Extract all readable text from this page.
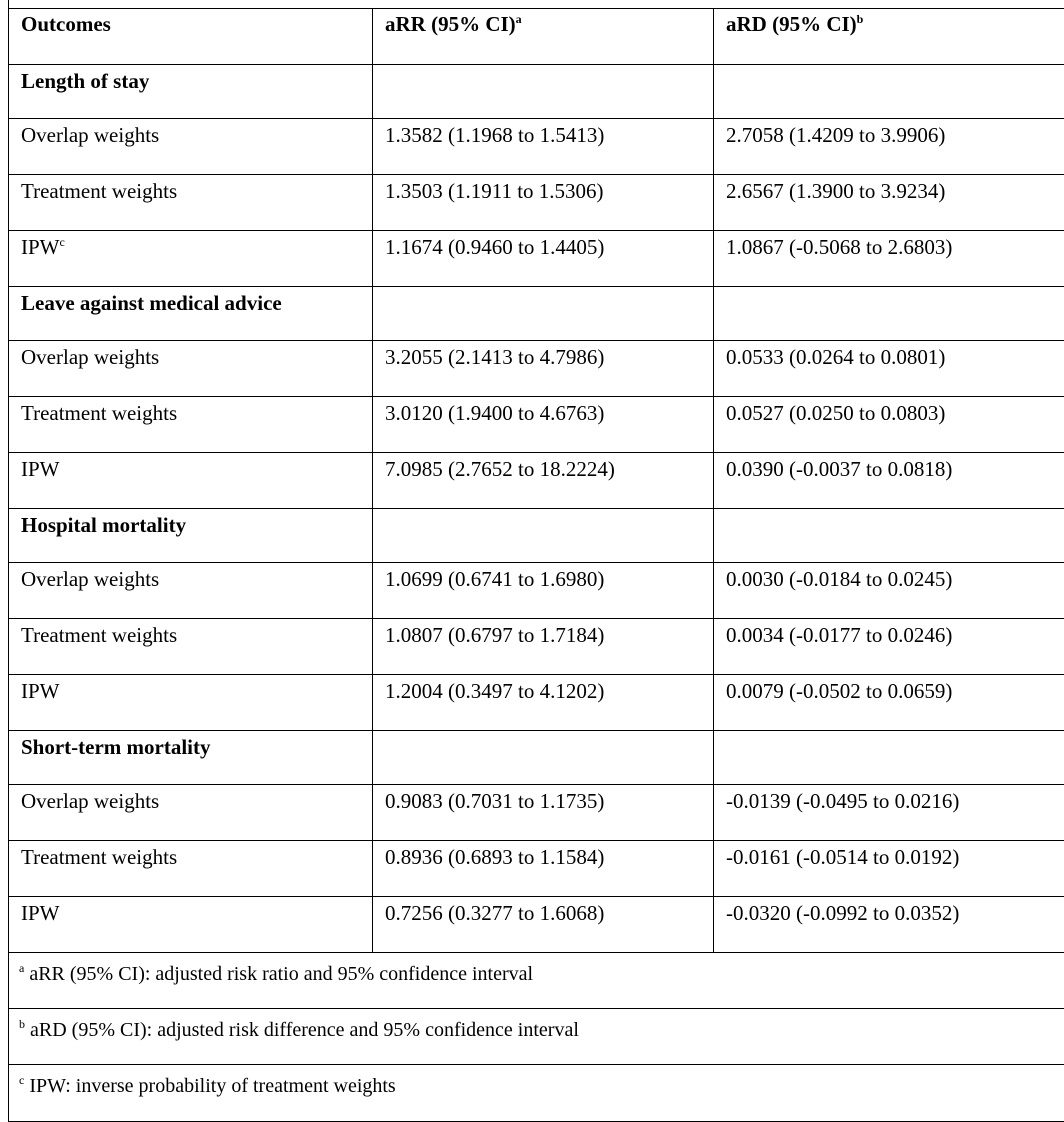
Outcomes	aRR (95% CI)$^a$	aRD (95% CI)$^b$
Length of stay		
Overlap weights	1.3582 (1.1968 to 1.5413)	2.7058 (1.4209 to 3.9906)
Treatment weights	1.3503 (1.1911 to 1.5306)	2.6567 (1.3900 to 3.9234)
IPW$^c$	1.1674 (0.9460 to 1.4405)	1.0867 (-0.5068 to 2.6803)
Leave against medical advice		
Overlap weights	3.2055 (2.1413 to 4.7986)	0.0533 (0.0264 to 0.0801)
Treatment weights	3.0120 (1.9400 to 4.6763)	0.0527 (0.0250 to 0.0803)
IPW	7.0985 (2.7652 to 18.2224)	0.0390 (-0.0037 to 0.0818)
Hospital mortality		
Overlap weights	1.0699 (0.6741 to 1.6980)	0.0030 (-0.0184 to 0.0245)
Treatment weights	1.0807 (0.6797 to 1.7184)	0.0034 (-0.0177 to 0.0246)
IPW	1.2004 (0.3497 to 4.1202)	0.0079 (-0.0502 to 0.0659)
Short-term mortality		
Overlap weights	0.9083 (0.7031 to 1.1735)	-0.0139 (-0.0495 to 0.0216)
Treatment weights	0.8936 (0.6893 to 1.1584)	-0.0161 (-0.0514 to 0.0192)
IPW	0.7256 (0.3277 to 1.6068)	-0.0320 (-0.0992 to 0.0352)
$^a$ aRR (95% CI): adjusted risk ratio and 95% confidence interval		
$^b$ aRD (95% CI): adjusted risk difference and 95% confidence interval		
$^c$ IPW: inverse probability of treatment weights		
